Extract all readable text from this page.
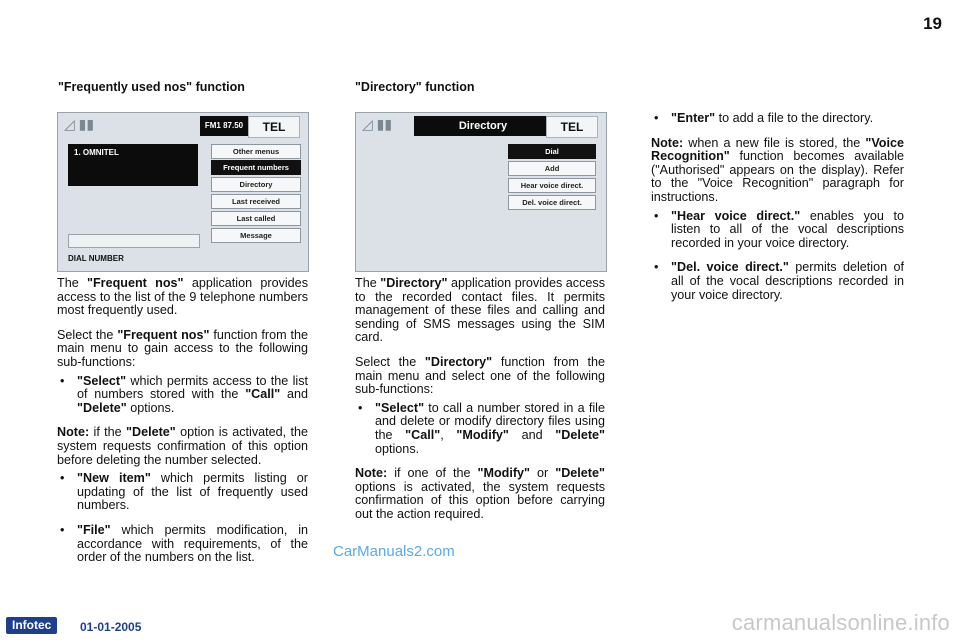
19
"Frequently used nos" function
◿ ▮▮	FM1 87.50	TEL
1. OMNITEL	Other menus
Frequent numbers
Directory
Last received
Last called
Message
DIAL NUMBER

The "Frequent nos" application provides access to the list of the 9 telephone numbers most frequently used.

Select the "Frequent nos" function from the main menu to gain access to the following sub-functions:

• "Select" which permits access to the list of numbers stored with the "Call" and "Delete" options.

Note: if the "Delete" option is activated, the system requests confirmation of this option before deleting the number selected.

• "New item" which permits listing or updating of the list of frequently used numbers.

• "File" which permits modification, in accordance with requirements, of the order of the numbers on the list.

"Directory" function
◿ ▮▮	Directory	TEL
Dial
Add
Hear voice direct.
Del. voice direct.

The "Directory" application provides access to the recorded contact files. It permits management of these files and calling and sending of SMS messages using the SIM card.

Select the "Directory" function from the main menu and select one of the following sub-functions:

• "Select" to call a number stored in a file and delete or modify directory files using the "Call", "Modify" and "Delete" options.

Note: if one of the "Modify" or "Delete" options is activated, the system requests confirmation of this option before carrying out the action required.

• "Enter" to add a file to the directory.

Note: when a new file is stored, the "Voice Recognition" function becomes available ("Authorised" appears on the display). Refer to the "Voice Recognition" paragraph for instructions.

• "Hear voice direct." enables you to listen to all of the vocal descriptions recorded in your voice directory.

• "Del. voice direct." permits deletion of all of the vocal descriptions recorded in your voice directory.

CarManuals2.com
Infotec	01-01-2005	carmanualsonline.info
